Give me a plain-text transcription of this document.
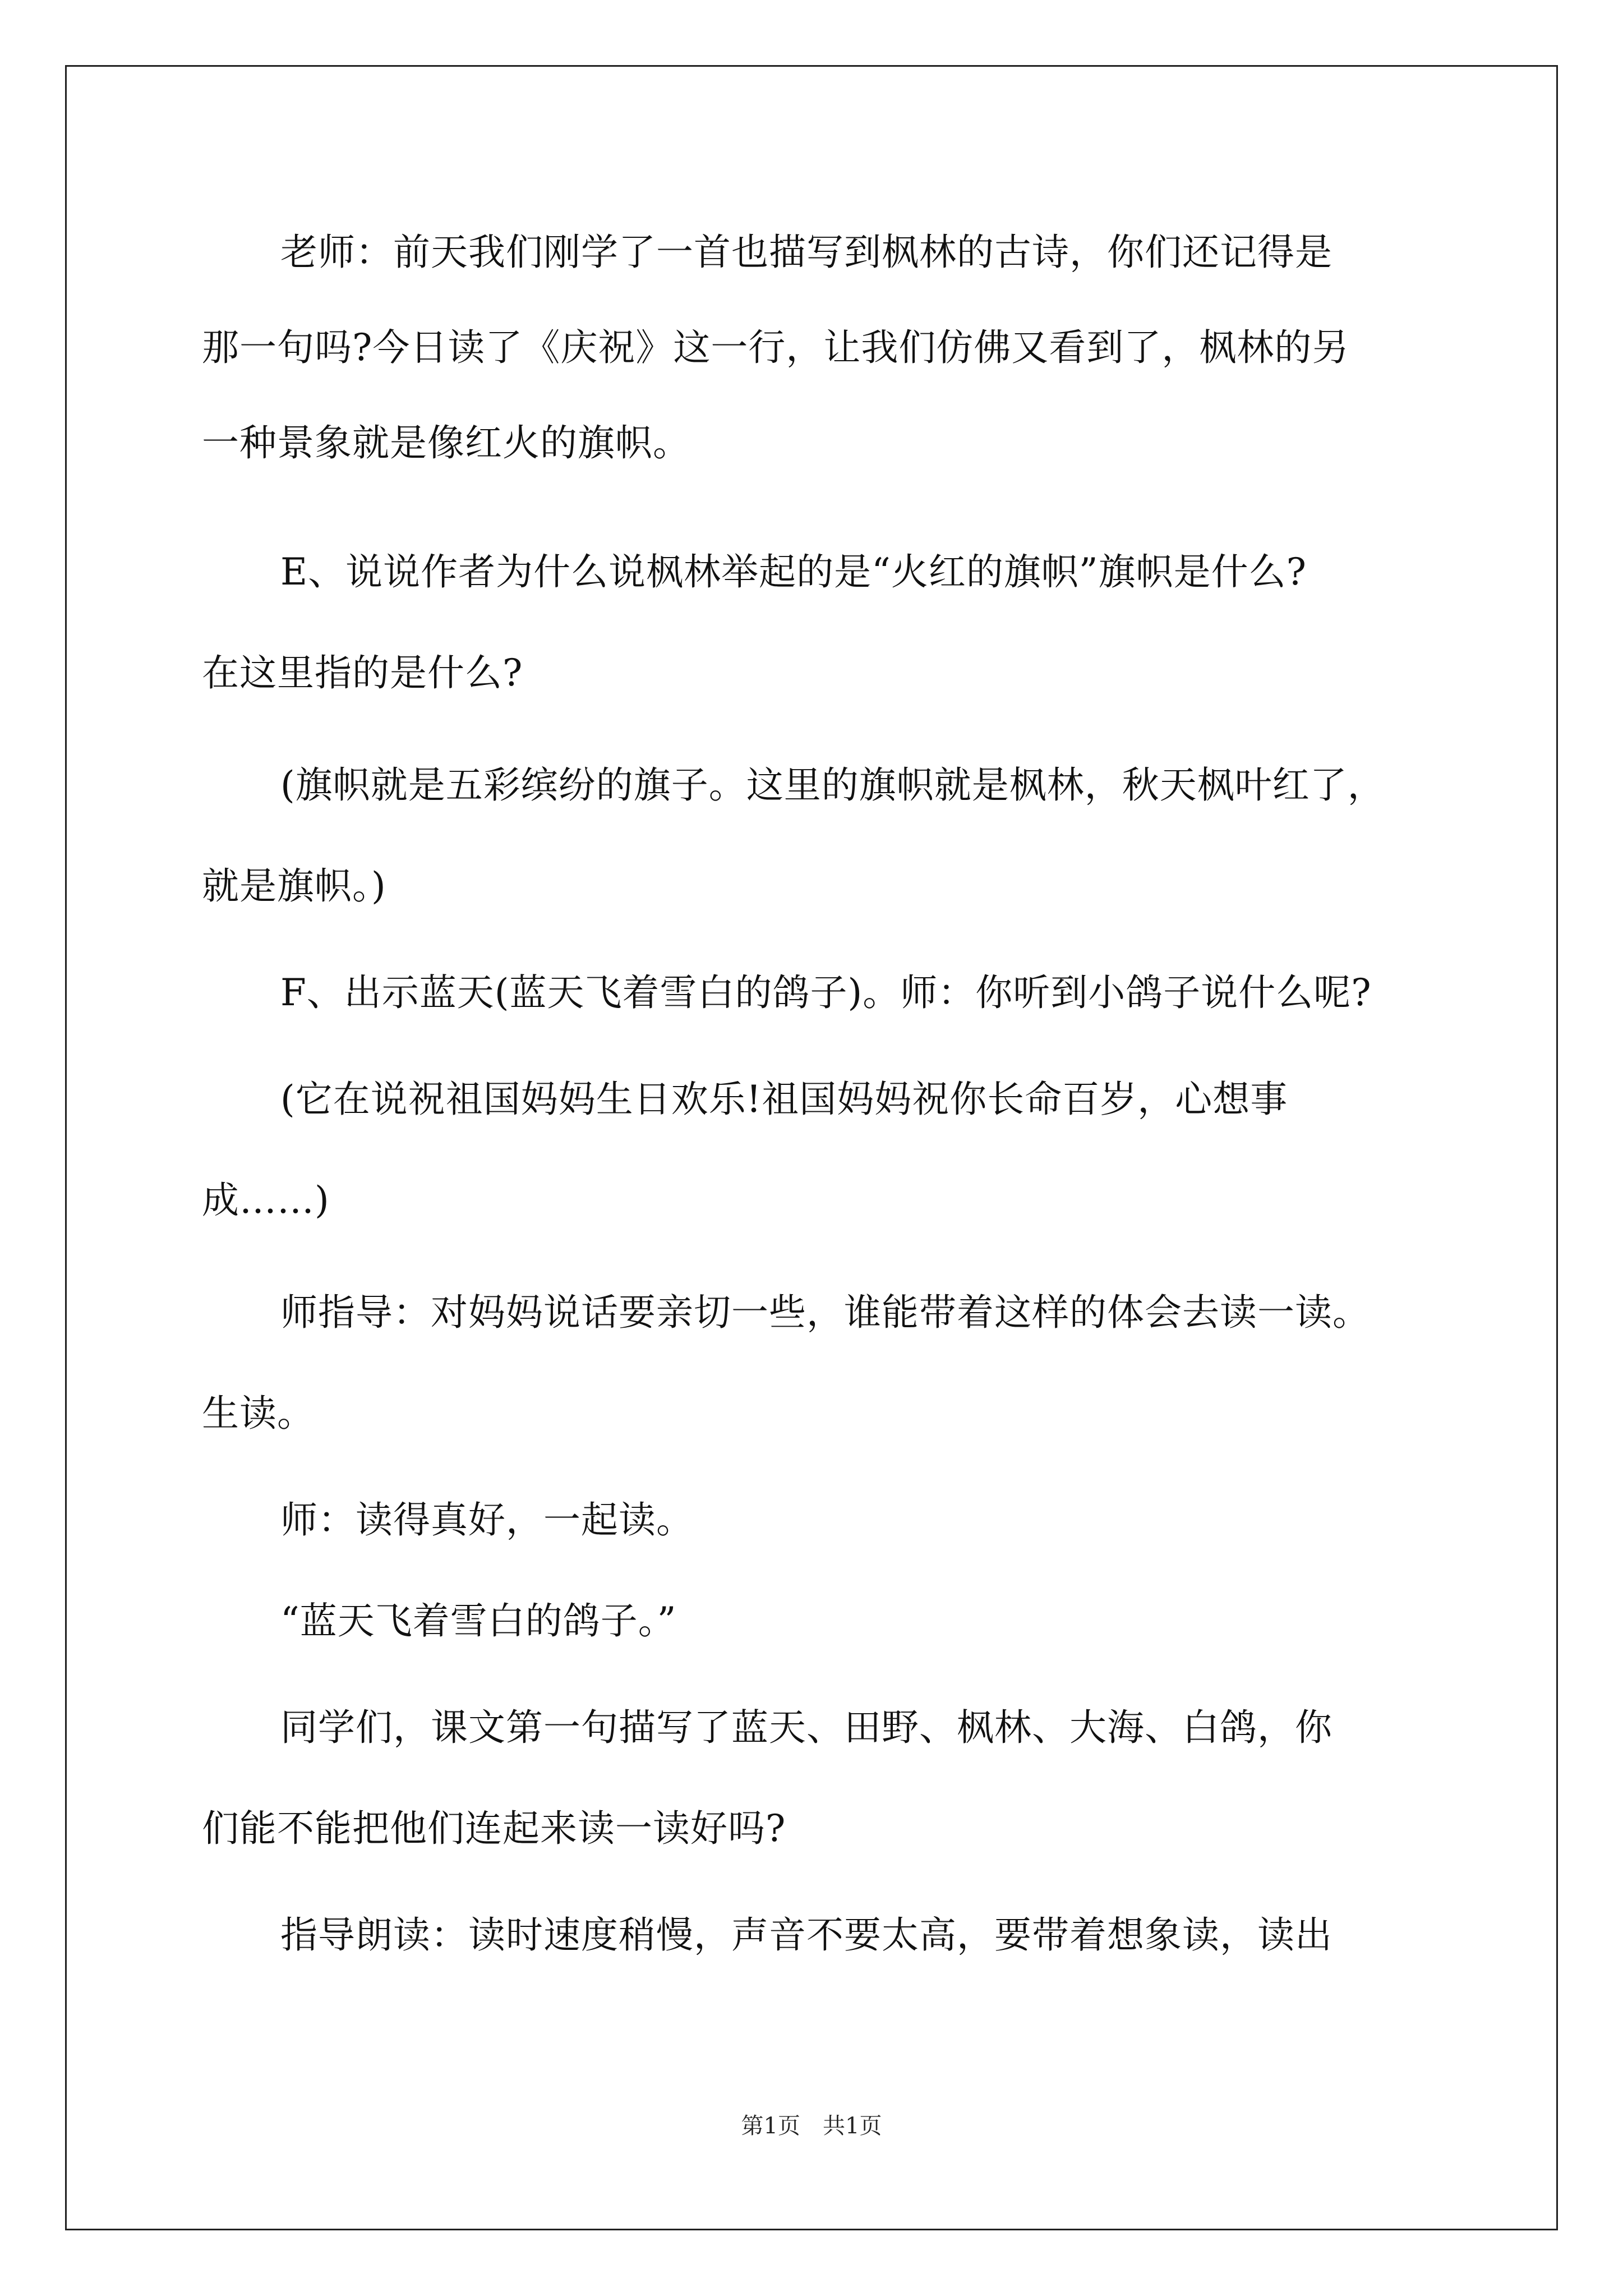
老师：前天我们刚学了一首也描写到枫林的古诗，你们还记得是
那一句吗?今日读了《庆祝》这一行，让我们仿佛又看到了，枫林的另
一种景象就是像红火的旗帜。
E、说说作者为什么说枫林举起的是“火红的旗帜”旗帜是什么?
在这里指的是什么?
(旗帜就是五彩缤纷的旗子。这里的旗帜就是枫林，秋天枫叶红了，
就是旗帜。)
F、出示蓝天(蓝天飞着雪白的鸽子)。师：你听到小鸽子说什么呢?
(它在说祝祖国妈妈生日欢乐!祖国妈妈祝你长命百岁，心想事
成……)
师指导：对妈妈说话要亲切一些，谁能带着这样的体会去读一读。
生读。
师：读得真好，一起读。
“蓝天飞着雪白的鸽子。”
同学们，课文第一句描写了蓝天、田野、枫林、大海、白鸽，你
们能不能把他们连起来读一读好吗?
指导朗读：读时速度稍慢，声音不要太高，要带着想象读，读出
第1页　共1页
